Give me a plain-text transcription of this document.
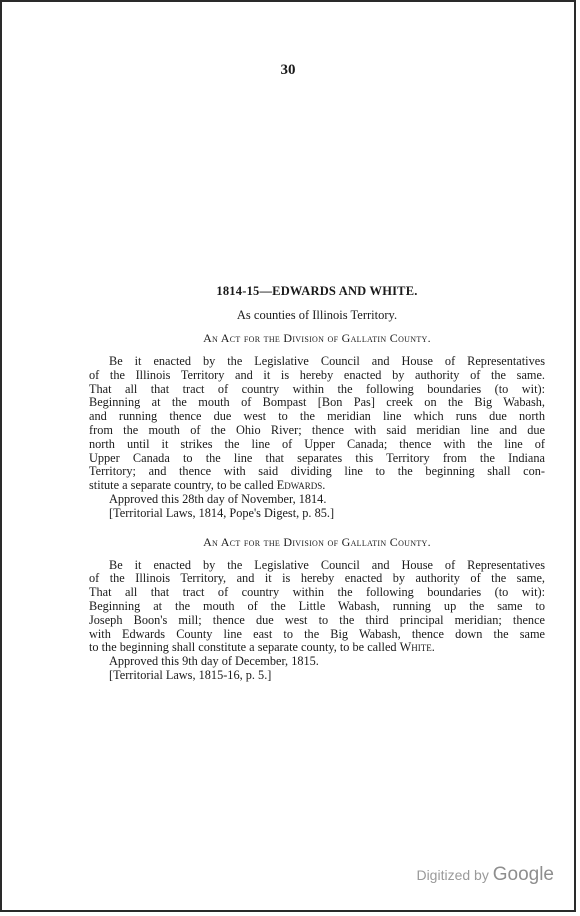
30
1814-15—EDWARDS AND WHITE.
As counties of Illinois Territory.
An Act for the Division of Gallatin County.
Be it enacted by the Legislative Council and House of Representatives
of the Illinois Territory and it is hereby enacted by authority of the same.
That all that tract of country within the following boundaries (to wit):
Beginning at the mouth of Bompast [Bon Pas] creek on the Big Wabash,
and running thence due west to the meridian line which runs due north
from the mouth of the Ohio River; thence with said meridian line and due
north until it strikes the line of Upper Canada; thence with the line of
Upper Canada to the line that separates this Territory from the Indiana
Territory; and thence with said dividing line to the beginning shall con-
stitute a separate country, to be called Edwards.
Approved this 28th day of November, 1814.
[Territorial Laws, 1814, Pope's Digest, p. 85.]
An Act for the Division of Gallatin County.
Be it enacted by the Legislative Council and House of Representatives
of the Illinois Territory, and it is hereby enacted by authority of the same,
That all that tract of country within the following boundaries (to wit):
Beginning at the mouth of the Little Wabash, running up the same to
Joseph Boon's mill; thence due west to the third principal meridian; thence
with Edwards County line east to the Big Wabash, thence down the same
to the beginning shall constitute a separate county, to be called White.
Approved this 9th day of December, 1815.
[Territorial Laws, 1815-16, p. 5.]
Digitized by Google
